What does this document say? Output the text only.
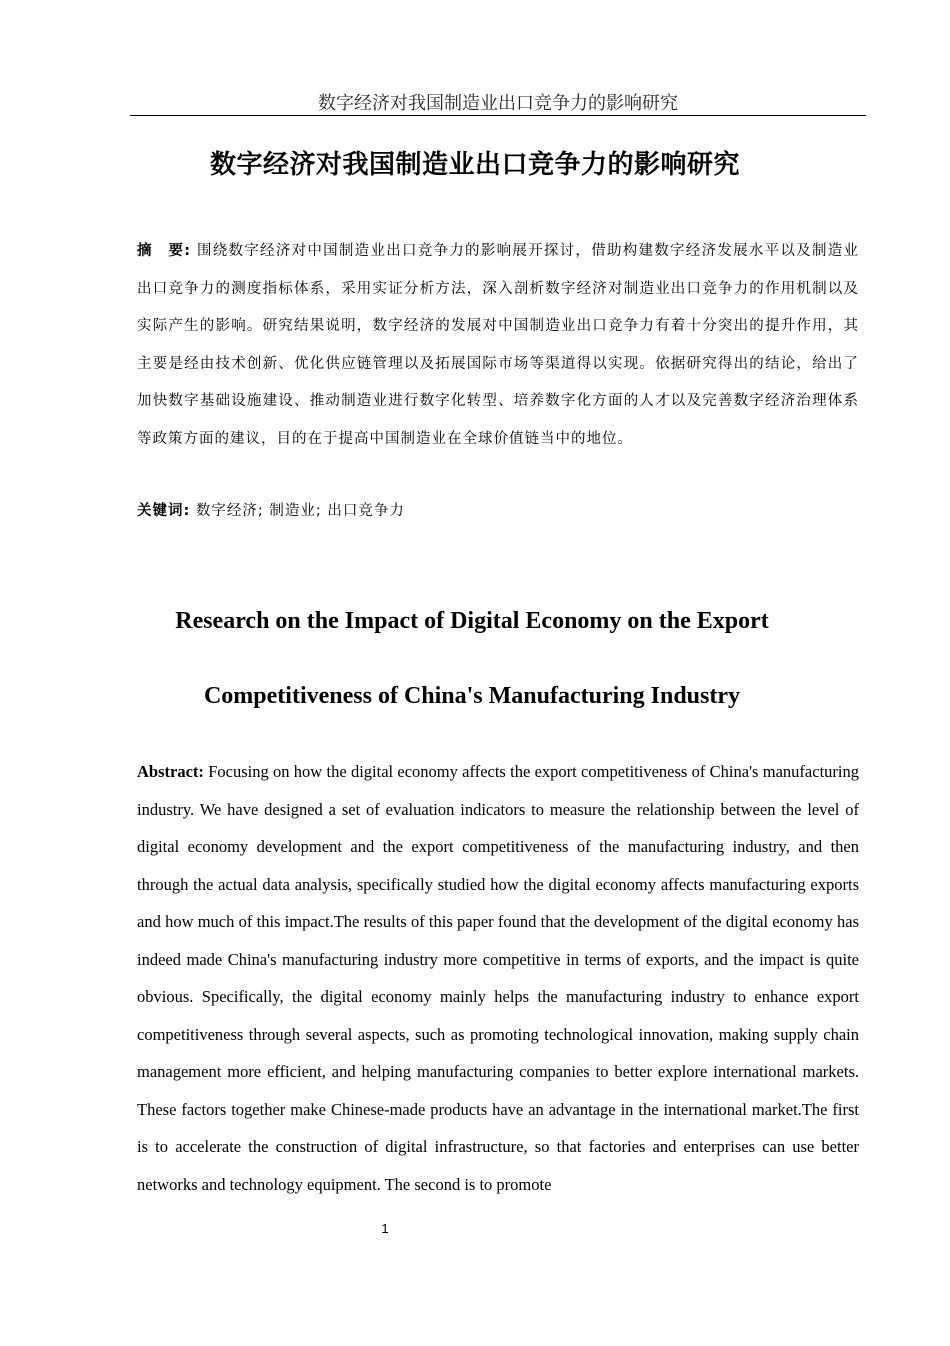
数字经济对我国制造业出口竞争力的影响研究
数字经济对我国制造业出口竞争力的影响研究
摘　要: 围绕数字经济对中国制造业出口竞争力的影响展开探讨，借助构建数字经济发展水平以及制造业出口竞争力的测度指标体系，采用实证分析方法，深入剖析数字经济对制造业出口竞争力的作用机制以及实际产生的影响。研究结果说明，数字经济的发展对中国制造业出口竞争力有着十分突出的提升作用，其主要是经由技术创新、优化供应链管理以及拓展国际市场等渠道得以实现。依据研究得出的结论，给出了加快数字基础设施建设、推动制造业进行数字化转型、培养数字化方面的人才以及完善数字经济治理体系等政策方面的建议，目的在于提高中国制造业在全球价值链当中的地位。
关键词: 数字经济; 制造业; 出口竞争力
Research on the Impact of Digital Economy on the Export
Competitiveness of China's Manufacturing Industry
Abstract: Focusing on how the digital economy affects the export competitiveness of China's manufacturing industry. We have designed a set of evaluation indicators to measure the relationship between the level of digital economy development and the export competitiveness of the manufacturing industry, and then through the actual data analysis, specifically studied how the digital economy affects manufacturing exports and how much of this impact.The results of this paper found that the development of the digital economy has indeed made China's manufacturing industry more competitive in terms of exports, and the impact is quite obvious. Specifically, the digital economy mainly helps the manufacturing industry to enhance export competitiveness through several aspects, such as promoting technological innovation, making supply chain management more efficient, and helping manufacturing companies to better explore international markets. These factors together make Chinese-made products have an advantage in the international market.The first is to accelerate the construction of digital infrastructure, so that factories and enterprises can use better networks and technology equipment. The second is to promote
1
